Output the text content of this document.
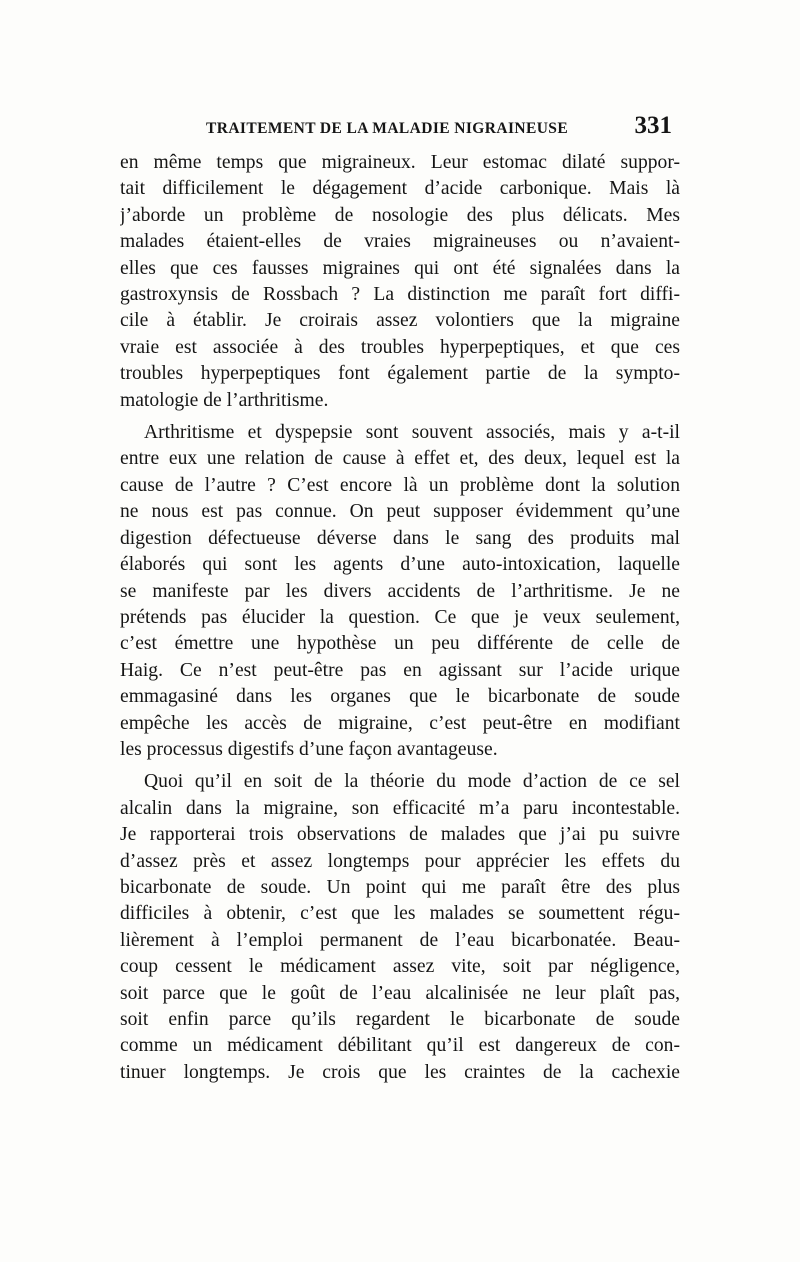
TRAITEMENT DE LA MALADIE NIGRAINEUSE	331

en même temps que migraineux. Leur estomac dilaté suppor-
tait difficilement le dégagement d’acide carbonique. Mais là
j’aborde un problème de nosologie des plus délicats. Mes
malades étaient-elles de vraies migraineuses ou n’avaient-
elles que ces fausses migraines qui ont été signalées dans la
gastroxynsis de Rossbach ? La distinction me paraît fort diffi-
cile à établir. Je croirais assez volontiers que la migraine
vraie est associée à des troubles hyperpeptiques, et que ces
troubles hyperpeptiques font également partie de la sympto-
matologie de l’arthritisme.

Arthritisme et dyspepsie sont souvent associés, mais y a-t-il
entre eux une relation de cause à effet et, des deux, lequel est la
cause de l’autre ? C’est encore là un problème dont la solution
ne nous est pas connue. On peut supposer évidemment qu’une
digestion défectueuse déverse dans le sang des produits mal
élaborés qui sont les agents d’une auto-intoxication, laquelle
se manifeste par les divers accidents de l’arthritisme. Je ne
prétends pas élucider la question. Ce que je veux seulement,
c’est émettre une hypothèse un peu différente de celle de
Haig. Ce n’est peut-être pas en agissant sur l’acide urique
emmagasiné dans les organes que le bicarbonate de soude
empêche les accès de migraine, c’est peut-être en modifiant
les processus digestifs d’une façon avantageuse.

Quoi qu’il en soit de la théorie du mode d’action de ce sel
alcalin dans la migraine, son efficacité m’a paru incontestable.
Je rapporterai trois observations de malades que j’ai pu suivre
d’assez près et assez longtemps pour apprécier les effets du
bicarbonate de soude. Un point qui me paraît être des plus
difficiles à obtenir, c’est que les malades se soumettent régu-
lièrement à l’emploi permanent de l’eau bicarbonatée. Beau-
coup cessent le médicament assez vite, soit par négligence,
soit parce que le goût de l’eau alcalinisée ne leur plaît pas,
soit enfin parce qu’ils regardent le bicarbonate de soude
comme un médicament débilitant qu’il est dangereux de con-
tinuer longtemps. Je crois que les craintes de la cachexie
